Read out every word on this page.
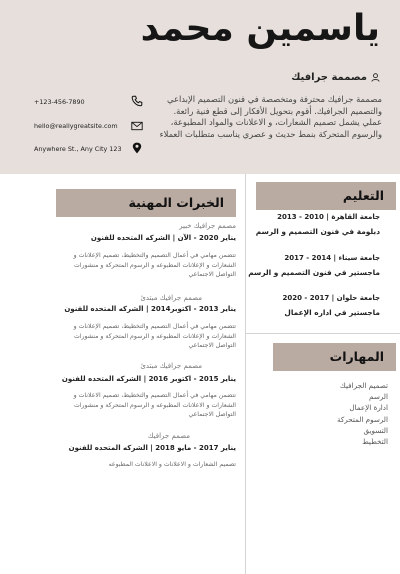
ياسمين محمد
مصممة جرافيك
مصممة جرافيك محترفة ومتخصصة في فنون التصميم الإبداعي والتصميم الجرافيك. أقوم بتحويل الأفكار إلى قطع فنية رائعة. عملي يشمل تصميم الشعارات، و الاعلانات والمواد المطبوعة، والرسوم المتحركة بنمط حديث و عصري يناسب متطلبات العملاء
+123-456-7890
hello@reallygreatsite.com
Anywhere St., Any City 123
التعليم
جامعة القاهرة | 2010 - 2013
دبلومة في فنون التصميم و الرسم
جامعة سيناء | 2014 - 2017
ماجستير في فنون التصميم و الرسم
جامعة حلوان | 2017 - 2020
ماجستير في اداره الإعمال
المهارات
تصميم الجرافيك
الرسم
ادارة الإعمال
الرسوم المتحركة
التسويق
التخطيط
الخبرات المهنية
مصمم جرافيك خبير
يناير 2020 - الآن | الشركه المتحده للفنون
تتضمن مهامي في أعمال التصميم والتخطيط، تصميم الإعلانات و الشعارات و الإعلانات المطبوعه و الرسوم المتحركة و منشورات التواصل الاجتماعي
مصمم جرافيك مبتدئ
يناير 2013 - اكتوبر2014 | الشركه المتحده للفنون
تتضمن مهامي في أعمال التصميم والتخطيط، تصميم الإعلانات و الشعارات و الإعلانات المطبوعه و الرسوم المتحركة و منشورات التواصل الاجتماعي
مصمم جرافيك مبتدئ
يناير 2015 - اكتوبر 2016 | الشركه المتحده للفنون
تتضمن مهامي في أعمال التصميم والتخطيط، تصميم الاعلانات و الشعارات و الاعلانات المطبوعه و الرسوم المتحركة و منشورات التواصل الاجتماعي
مصمم جرافيك
يناير 2017 - مايو 2018 | الشركه المتحده للفنون
تصميم الشعارات و الاعلانات و الاعلانات المطبوعه
